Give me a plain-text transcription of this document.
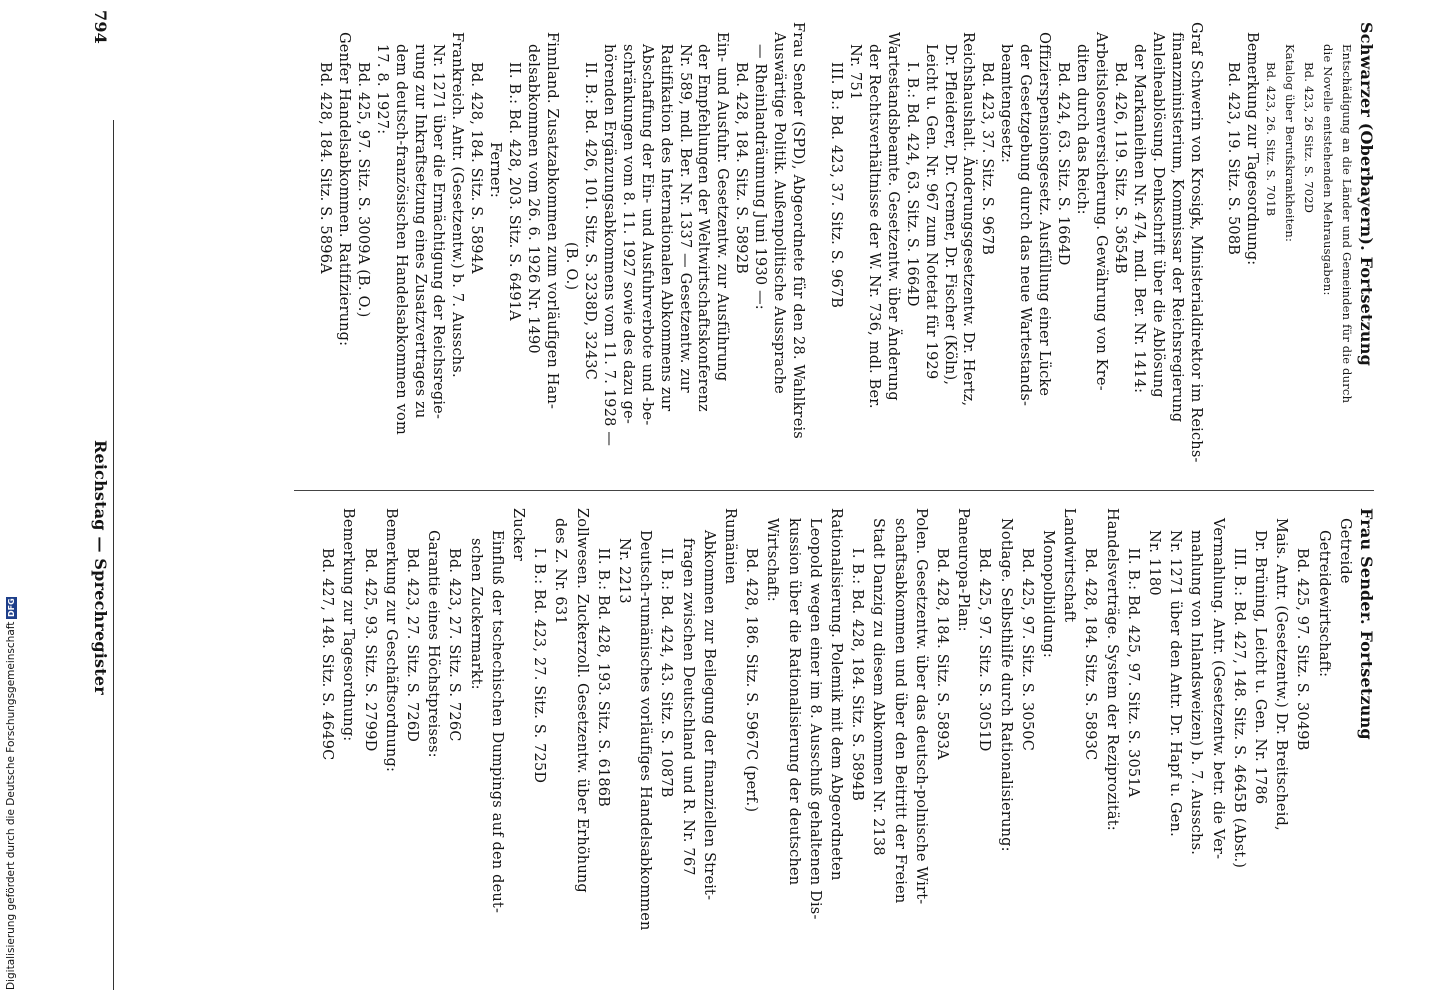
794
Reichstag — Sprechregister
Schwarzer (Oberbayern). Fortsetzung
Entschädigung an die Länder und Gemeinden für die durch
die Novelle entstehenden Mehrausgaben:
Bd. 423, 26 Sitz. S. 702D
Katalog über Berufskrankheiten:
Bd. 423, 26. Sitz. S. 701B
Bemerkung zur Tagesordnung:
Bd. 423, 19. Sitz. S. 508B
Graf Schwerin von Krosigk, Ministerialdirektor im Reichs-
finanzministerium, Kommissar der Reichsregierung
Anleiheablösung. Denkschrift über die Ablösung
der Markanleihen Nr. 474, mdl. Ber. Nr. 1414:
Bd. 426, 119. Sitz. S. 3654B
Arbeitslosenversicherung. Gewährung von Kre-
diten durch das Reich:
Bd. 424, 63. Sitz. S. 1664D
Offizierspensionsgesetz. Ausfüllung einer Lücke
der Gesetzgebung durch das neue Wartestands-
beamtengesetz:
Bd. 423, 37. Sitz. S. 967B
Reichshaushalt. Änderungsgesetzentw. Dr. Hertz,
Dr. Pfleiderer, Dr. Cremer, Dr. Fischer (Köln),
Leicht u. Gen. Nr. 967 zum Notetat für 1929
I. B.: Bd. 424, 63. Sitz. S. 1664D
Wartestandsbeamte. Gesetzentw. über Änderung
der Rechtsverhältnisse der W. Nr. 736, mdl. Ber.
Nr. 751
III. B.: Bd. 423, 37. Sitz. S. 967B
Frau Sender (SPD), Abgeordnete für den 28. Wahlkreis
Auswärtige Politik. Außenpolitische Aussprache
— Rheinlandräumung Juni 1930 —:
Bd. 428, 184. Sitz. S. 5892B
Ein- und Ausfuhr. Gesetzentw. zur Ausführung
der Empfehlungen der Weltwirtschaftskonferenz
Nr. 589, mdl. Ber. Nr. 1337 — Gesetzentw. zur
Ratifikation des Internationalen Abkommens zur
Abschaffung der Ein- und Ausfuhrverbote und -be-
schränkungen vom 8. 11. 1927 sowie des dazu ge-
hörenden Ergänzungsabkommens vom 11. 7. 1928 —
II. B.: Bd. 426, 101. Sitz. S. 3238D, 3243C
(B. O.)
Finnland. Zusatzabkommen zum vorläufigen Han-
delsabkommen vom 26. 6. 1926 Nr. 1490
II. B.: Bd. 428, 203. Sitz. S. 6491A
Ferner:
Bd. 428, 184. Sitz. S. 5894A
Frankreich. Antr. (Gesetzentw.) b. 7. Ausschs.
Nr. 1271 über die Ermächtigung der Reichsregie-
rung zur Inkraftsetzung eines Zusatzvertrages zu
dem deutsch-französischen Handelsabkommen vom
17. 8. 1927:
Bd. 425, 97. Sitz. S. 3009A (B. O.)
Genfer Handelsabkommen. Ratifizierung:
Bd. 428, 184. Sitz. S. 5896A
Frau Sender. Fortsetzung
Getreide
Getreidewirtschaft:
Bd. 425, 97. Sitz. S. 3049B
Mais. Antr. (Gesetzentw.) Dr. Breitscheid,
Dr. Brüning, Leicht u. Gen. Nr. 1786
III. B.: Bd. 427, 148. Sitz. S. 4645B (Abst.)
Vermahlung. Antr. (Gesetzentw. betr. die Ver-
mahlung von Inlandsweizen) b. 7. Ausschs.
Nr. 1271 über den Antr. Dr. Hapf u. Gen.
Nr. 1180
II. B.: Bd. 425, 97. Sitz. S. 3051A
Handelsverträge. System der Reziprozität:
Bd. 428, 184. Sitz. S. 5893C
Landwirtschaft
Monopolbildung:
Bd. 425, 97. Sitz. S. 3050C
Notlage. Selbsthilfe durch Rationalisierung:
Bd. 425, 97. Sitz. S. 3051D
Paneuropa-Plan:
Bd. 428, 184. Sitz. S. 5893A
Polen. Gesetzentw. über das deutsch-polnische Wirt-
schaftsabkommen und über den Beitritt der Freien
Stadt Danzig zu diesem Abkommen Nr. 2138
I. B.: Bd. 428, 184. Sitz. S. 5894B
Rationalisierung. Polemik mit dem Abgeordneten
Leopold wegen einer im 8. Ausschuß gehaltenen Dis-
kussion über die Rationalisierung der deutschen
Wirtschaft:
Bd. 428, 186. Sitz. S. 5967C (perf.)
Rumänien
Abkommen zur Beilegung der finanziellen Streit-
fragen zwischen Deutschland und R. Nr. 767
II. B.: Bd. 424, 43. Sitz. S. 1087B
Deutsch-rumänisches vorläufiges Handelsabkommen
Nr. 2213
II. B.: Bd. 428, 193. Sitz. S. 6186B
Zollwesen. Zuckerzoll. Gesetzentw. über Erhöhung
des Z. Nr. 631
I. B.: Bd. 423, 27. Sitz. S. 725D
Zucker
Einfluß der tschechischen Dumpings auf den deut-
schen Zuckermarkt:
Bd. 423, 27. Sitz. S. 726C
Garantie eines Höchstpreises:
Bd. 423, 27. Sitz. S. 726D
Bemerkung zur Geschäftsordnung:
Bd. 425, 93. Sitz. S. 2799D
Bemerkung zur Tagesordnung:
Bd. 427, 148. Sitz. S. 4649C
Digitalisierung gefördert durch die Deutsche ForschungsgemeinschaftDFG
